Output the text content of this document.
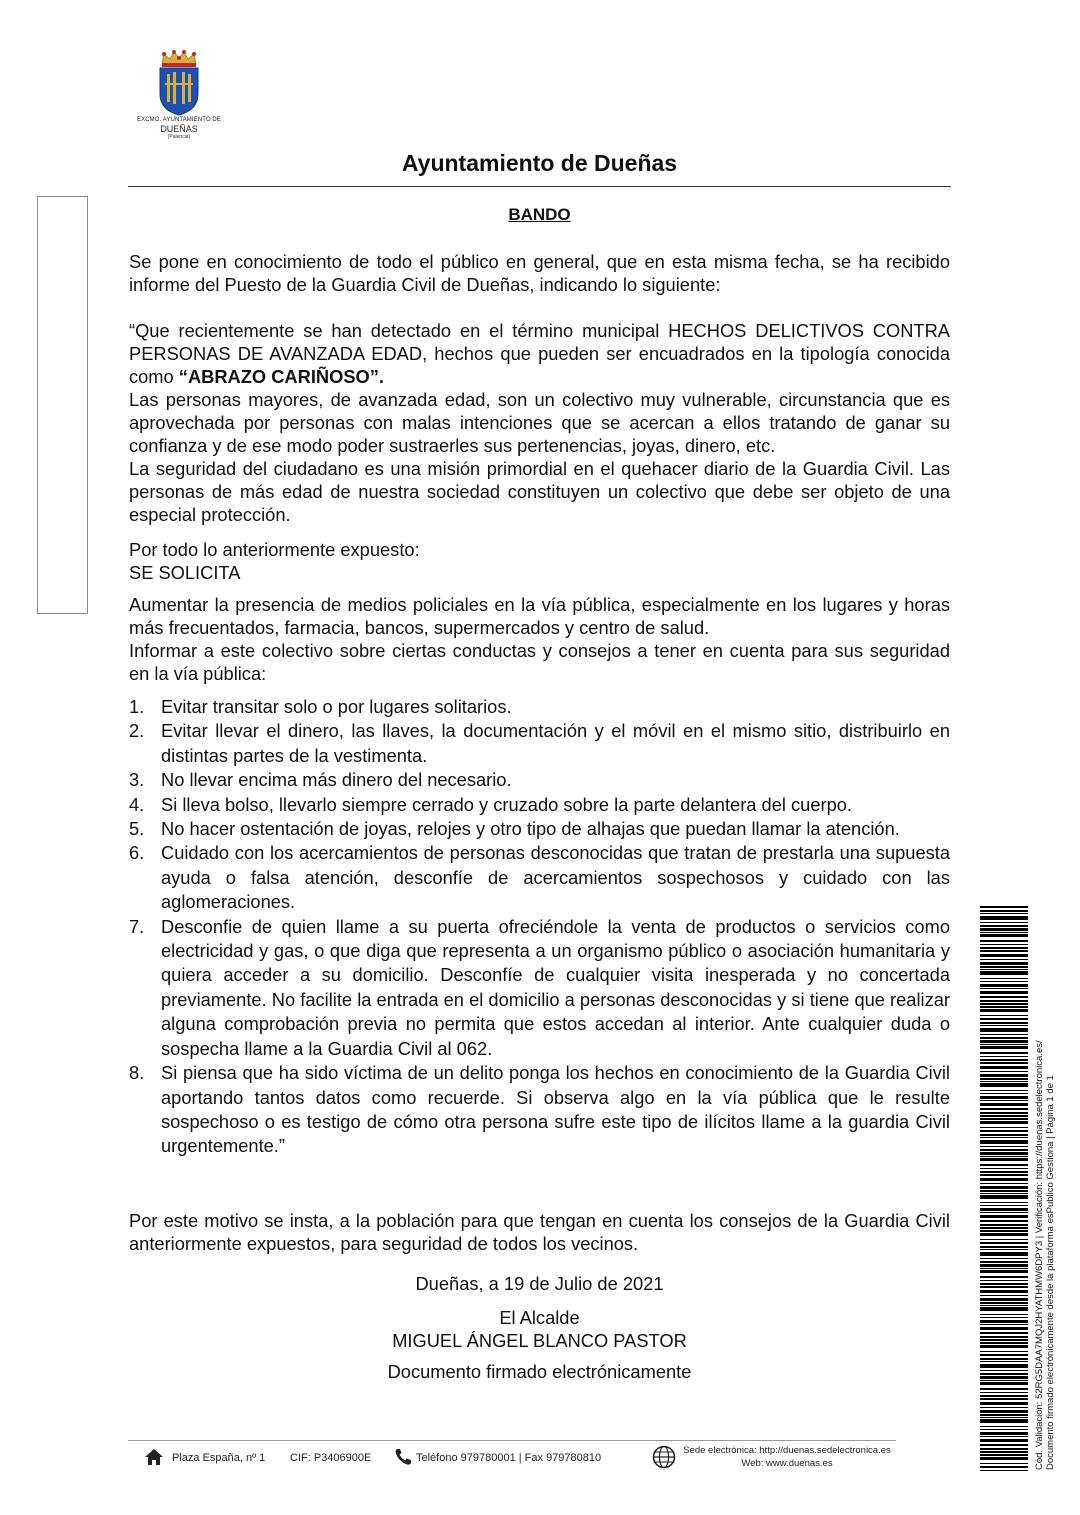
EXCMO. AYUNTAMIENTO DE
DUEÑAS
(Palencia)
Ayuntamiento de Dueñas
BANDO

Se pone en conocimiento de todo el público en general, que en esta misma fecha, se ha recibido informe del Puesto de la Guardia Civil de Dueñas, indicando lo siguiente:

“Que recientemente se han detectado en el término municipal HECHOS DELICTIVOS CONTRA PERSONAS DE AVANZADA EDAD, hechos que pueden ser encuadrados en la tipología conocida como “ABRAZO CARIÑOSO”.
Las personas mayores, de avanzada edad, son un colectivo muy vulnerable, circunstancia que es aprovechada por personas con malas intenciones que se acercan a ellos tratando de ganar su confianza y de ese modo poder sustraerles sus pertenencias, joyas, dinero, etc.
La seguridad del ciudadano es una misión primordial en el quehacer diario de la Guardia Civil. Las personas de más edad de nuestra sociedad constituyen un colectivo que debe ser objeto de una especial protección.

Por todo lo anteriormente expuesto:
SE SOLICITA

Aumentar la presencia de medios policiales en la vía pública, especialmente en los lugares y horas más frecuentados, farmacia, bancos, supermercados y centro de salud.
Informar a este colectivo sobre ciertas conductas y consejos a tener en cuenta para sus seguridad en la vía pública:

1. Evitar transitar solo o por lugares solitarios.
2. Evitar llevar el dinero, las llaves, la documentación y el móvil en el mismo sitio, distribuirlo en distintas partes de la vestimenta.
3. No llevar encima más dinero del necesario.
4. Si lleva bolso, llevarlo siempre cerrado y cruzado sobre la parte delantera del cuerpo.
5. No hacer ostentación de joyas, relojes y otro tipo de alhajas que puedan llamar la atención.
6. Cuidado con los acercamientos de personas desconocidas que tratan de prestarla una supuesta ayuda o falsa atención, desconfíe de acercamientos sospechosos y cuidado con las aglomeraciones.
7. Desconfie de quien llame a su puerta ofreciéndole la venta de productos o servicios como electricidad y gas, o que diga que representa a un organismo público o asociación humanitaria y quiera acceder a su domicilio. Desconfíe de cualquier visita inesperada y no concertada previamente. No facilite la entrada en el domicilio a personas desconocidas y si tiene que realizar alguna comprobación previa no permita que estos accedan al interior. Ante cualquier duda o sospecha llame a la Guardia Civil al 062.
8. Si piensa que ha sido víctima de un delito ponga los hechos en conocimiento de la Guardia Civil aportando tantos datos como recuerde. Si observa algo en la vía pública que le resulte sospechoso o es testigo de cómo otra persona sufre este tipo de ilícitos llame a la guardia Civil urgentemente.”

Por este motivo se insta, a la población para que tengan en cuenta los consejos de la Guardia Civil anteriormente expuestos, para seguridad de todos los vecinos.

Dueñas, a 19 de Julio de 2021
El Alcalde
MIGUEL ÁNGEL BLANCO PASTOR
Documento firmado electrónicamente
Plaza España, nº 1 CIF: P3406900E	Teléfono 979780001 | Fax 979780810
Sede electrónica: http://duenas.sedelectronica.es
Web: www.duenas.es	Cód. Validación: 52RG5DAA7MQJ2HYATHMW6DPY3 | Verificación: https://duenas.sedelectronica.es/ Documento firmado electrónicamente desde la plataforma esPublico Gestiona | Página 1 de 1
